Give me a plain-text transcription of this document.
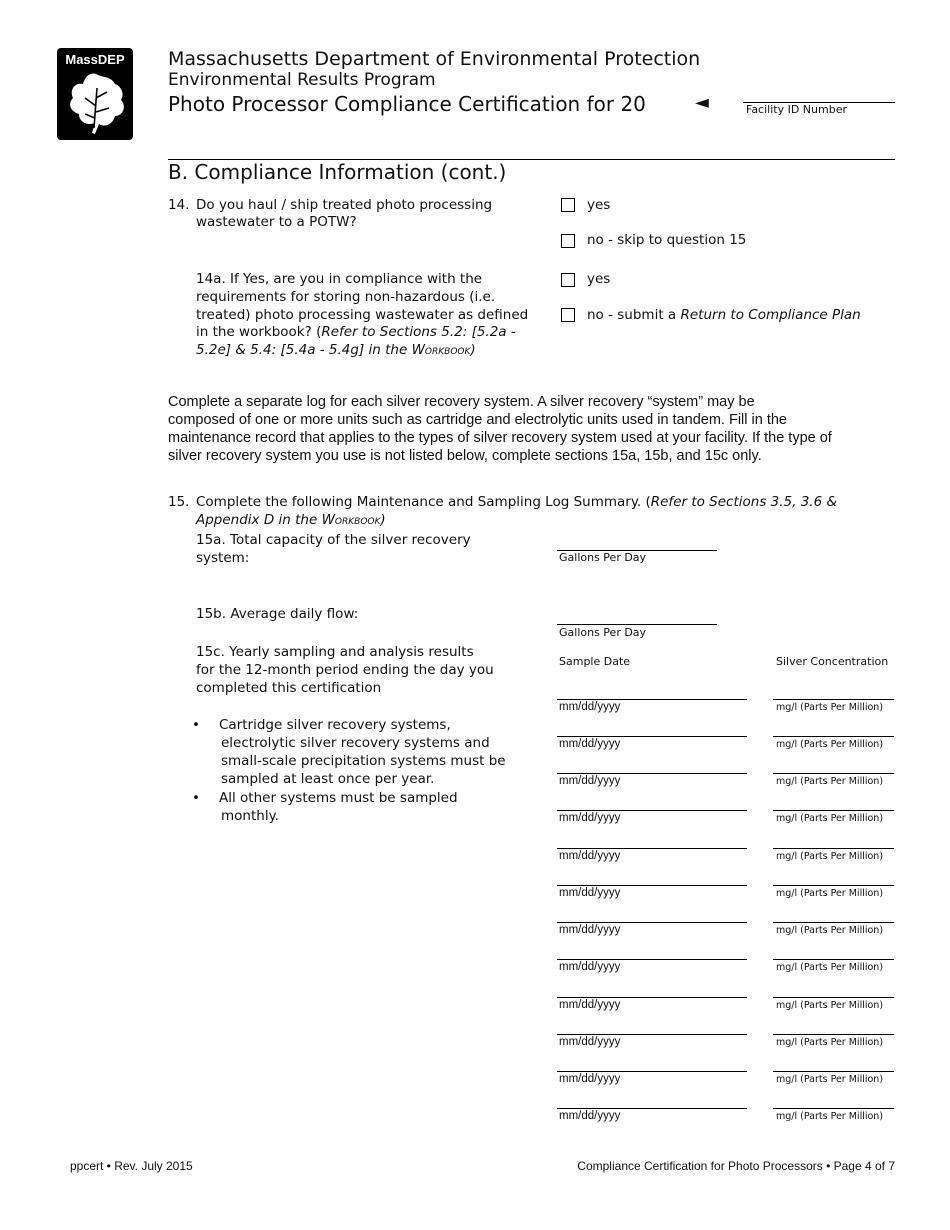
MassDEP	Massachusetts Department of Environmental Protection
Environmental Results Program
Photo Processor Compliance Certification for 20	◄	Facility ID Number
B. Compliance Information (cont.)
14. Do you haul / ship treated photo processing
wastewater to a POTW?
yes
no - skip to question 15
14a. If Yes, are you in compliance with the
requirements for storing non-hazardous (i.e.
treated) photo processing wastewater as defined
in the workbook? (Refer to Sections 5.2: [5.2a -
5.2e] & 5.4: [5.4a - 5.4g] in the Workbook)
yes
no - submit a Return to Compliance Plan
Complete a separate log for each silver recovery system. A silver recovery “system” may be
composed of one or more units such as cartridge and electrolytic units used in tandem. Fill in the
maintenance record that applies to the types of silver recovery system used at your facility. If the type of
silver recovery system you use is not listed below, complete sections 15a, 15b, and 15c only.
15. Complete the following Maintenance and Sampling Log Summary. (Refer to Sections 3.5, 3.6 &
Appendix D in the Workbook)
15a. Total capacity of the silver recovery
system:	Gallons Per Day
15b. Average daily flow:
Gallons Per Day
15c. Yearly sampling and analysis results
for the 12-month period ending the day you
completed this certification
Sample Date	Silver Concentration
• Cartridge silver recovery systems,
electrolytic silver recovery systems and
small-scale precipitation systems must be
sampled at least once per year.
• All other systems must be sampled
monthly.
mm/dd/yyyy	mg/l (Parts Per Million)
mm/dd/yyyy	mg/l (Parts Per Million)
mm/dd/yyyy	mg/l (Parts Per Million)
mm/dd/yyyy	mg/l (Parts Per Million)
mm/dd/yyyy	mg/l (Parts Per Million)
mm/dd/yyyy	mg/l (Parts Per Million)
mm/dd/yyyy	mg/l (Parts Per Million)
mm/dd/yyyy	mg/l (Parts Per Million)
mm/dd/yyyy	mg/l (Parts Per Million)
mm/dd/yyyy	mg/l (Parts Per Million)
mm/dd/yyyy	mg/l (Parts Per Million)
mm/dd/yyyy	mg/l (Parts Per Million)
ppcert • Rev. July 2015	Compliance Certification for Photo Processors • Page 4 of 7
